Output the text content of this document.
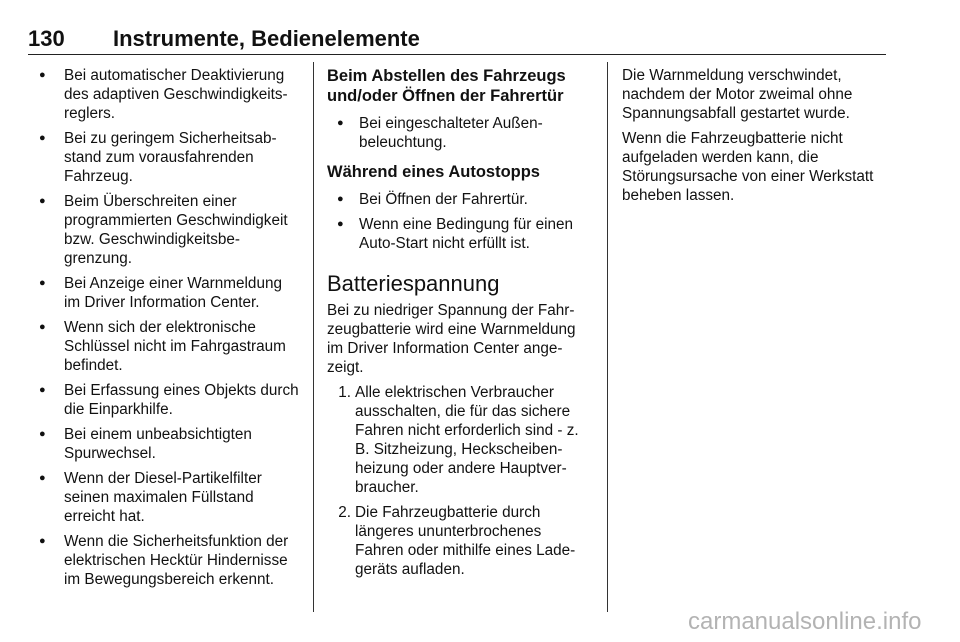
130 Instrumente, Bedienelemente
● Bei automatischer Deaktivierung des adaptiven Geschwindigkeitsreglers.
● Bei zu geringem Sicherheitsabstand zum vorausfahrenden Fahrzeug.
● Beim Überschreiten einer programmierten Geschwindigkeit bzw. Geschwindigkeitsbegrenzung.
● Bei Anzeige einer Warnmeldung im Driver Information Center.
● Wenn sich der elektronische Schlüssel nicht im Fahrgastraum befindet.
● Bei Erfassung eines Objekts durch die Einparkhilfe.
● Bei einem unbeabsichtigten Spurwechsel.
● Wenn der Diesel-Partikelfilter seinen maximalen Füllstand erreicht hat.
● Wenn die Sicherheitsfunktion der elektrischen Hecktür Hindernisse im Bewegungsbereich erkennt.
Beim Abstellen des Fahrzeugs und/oder Öffnen der Fahrertür
● Bei eingeschalteter Außenbeleuchtung.
Während eines Autostopps
● Bei Öffnen der Fahrertür.
● Wenn eine Bedingung für einen Auto-Start nicht erfüllt ist.
Batteriespannung
Bei zu niedriger Spannung der Fahrzeugbatterie wird eine Warnmeldung im Driver Information Center angezeigt.
1. Alle elektrischen Verbraucher ausschalten, die für das sichere Fahren nicht erforderlich sind - z. B. Sitzheizung, Heckscheibenheizung oder andere Hauptverbraucher.
2. Die Fahrzeugbatterie durch längeres ununterbrochenes Fahren oder mithilfe eines Ladegeräts aufladen.
Die Warnmeldung verschwindet, nachdem der Motor zweimal ohne Spannungsabfall gestartet wurde.
Wenn die Fahrzeugbatterie nicht aufgeladen werden kann, die Störungsursache von einer Werkstatt beheben lassen.
carmanualsonline.info
